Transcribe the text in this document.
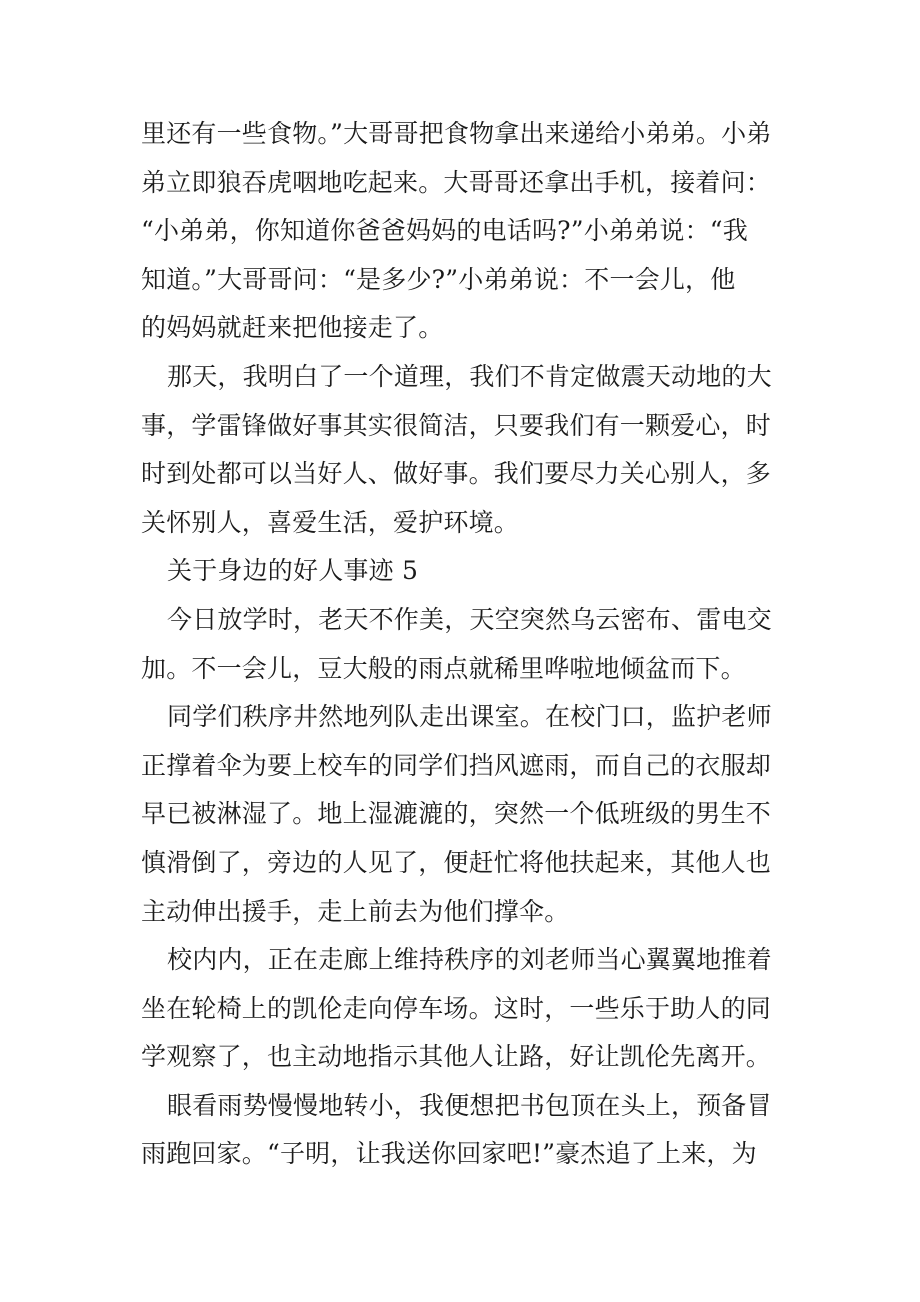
里还有一些食物。”大哥哥把食物拿出来递给小弟弟。小弟
弟立即狼吞虎咽地吃起来。大哥哥还拿出手机，接着问：
“小弟弟，你知道你爸爸妈妈的电话吗?”小弟弟说：“我
知道。”大哥哥问：“是多少?”小弟弟说：不一会儿，他
的妈妈就赶来把他接走了。
那天，我明白了一个道理，我们不肯定做震天动地的大
事，学雷锋做好事其实很简洁，只要我们有一颗爱心，时
时到处都可以当好人、做好事。我们要尽力关心别人，多
关怀别人，喜爱生活，爱护环境。
关于身边的好人事迹 5
今日放学时，老天不作美，天空突然乌云密布、雷电交
加。不一会儿，豆大般的雨点就稀里哗啦地倾盆而下。
同学们秩序井然地列队走出课室。在校门口，监护老师
正撑着伞为要上校车的同学们挡风遮雨，而自己的衣服却
早已被淋湿了。地上湿漉漉的，突然一个低班级的男生不
慎滑倒了，旁边的人见了，便赶忙将他扶起来，其他人也
主动伸出援手，走上前去为他们撑伞。
校内内，正在走廊上维持秩序的刘老师当心翼翼地推着
坐在轮椅上的凯伦走向停车场。这时，一些乐于助人的同
学观察了，也主动地指示其他人让路，好让凯伦先离开。
眼看雨势慢慢地转小，我便想把书包顶在头上，预备冒
雨跑回家。“子明，让我送你回家吧!”豪杰追了上来，为
